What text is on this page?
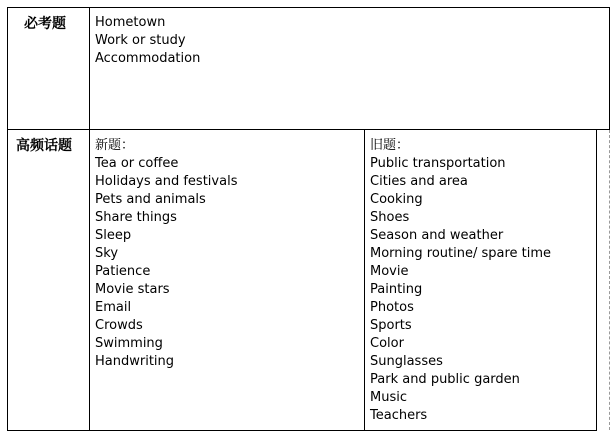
必考题 Hometown
Work or study
Accommodation
高频话题 新题：
Tea or coffee
Holidays and festivals
Pets and animals
Share things
Sleep
Sky
Patience
Movie stars
Email
Crowds
Swimming
Handwriting
旧题：
Public transportation
Cities and area
Cooking
Shoes
Season and weather
Morning routine/ spare time
Movie
Painting
Photos
Sports
Color
Sunglasses
Park and public garden
Music
Teachers
